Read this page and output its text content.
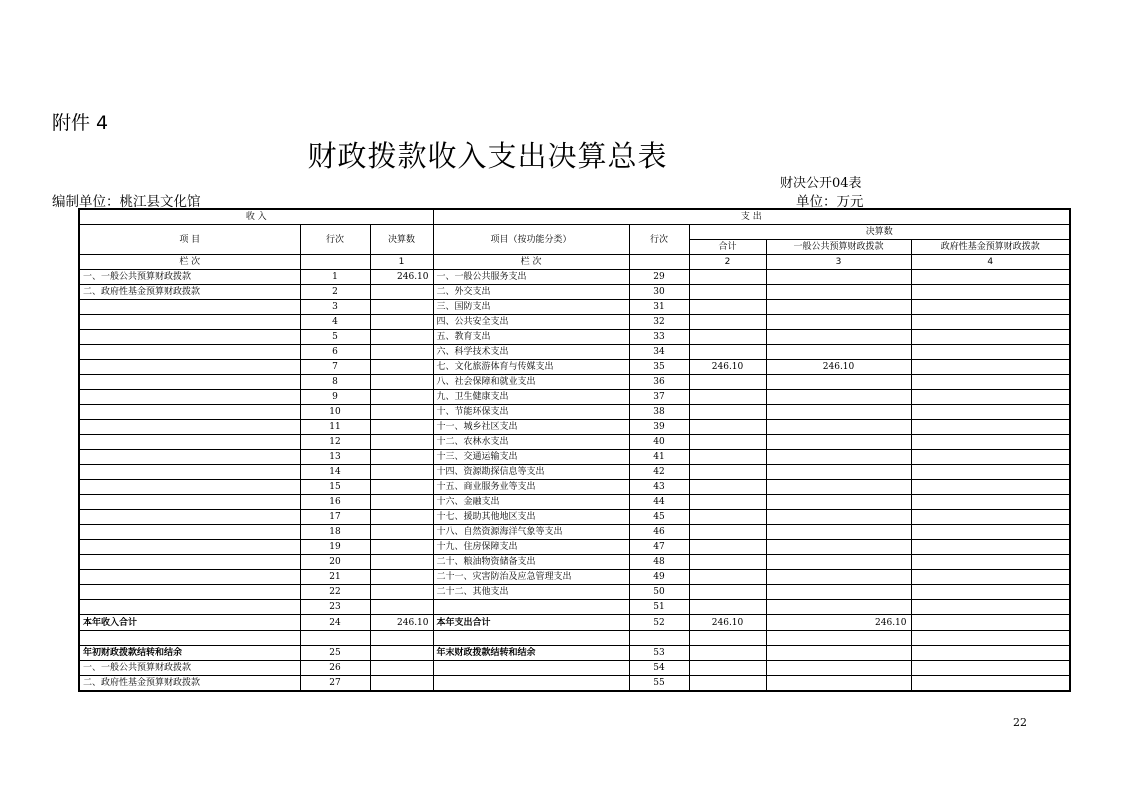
附件 4
财政拨款收入支出决算总表
财决公开04表
编制单位：桃江县文化馆	单位：万元
收 入			支 出				
项 目	行次	决算数	项目（按功能分类）	行次	决算数		
					合计	一般公共预算财政拨款	政府性基金预算财政拨款
栏 次		1	栏 次		2	3	4
一、一般公共预算财政拨款	1	246.10	一、一般公共服务支出	29			
二、政府性基金预算财政拨款	2		二、外交支出	30			
	3		三、国防支出	31			
	4		四、公共安全支出	32			
	5		五、教育支出	33			
	6		六、科学技术支出	34			
	7		七、文化旅游体育与传媒支出	35	246.10	246.10	
	8		八、社会保障和就业支出	36			
	9		九、卫生健康支出	37			
	10		十、节能环保支出	38			
	11		十一、城乡社区支出	39			
	12		十二、农林水支出	40			
	13		十三、交通运输支出	41			
	14		十四、资源勘探信息等支出	42			
	15		十五、商业服务业等支出	43			
	16		十六、金融支出	44			
	17		十七、援助其他地区支出	45			
	18		十八、自然资源海洋气象等支出	46			
	19		十九、住房保障支出	47			
	20		二十、粮油物资储备支出	48			
	21		二十一、灾害防治及应急管理支出	49			
	22		二十二、其他支出	50			
	23			51			
本年收入合计	24	246.10	本年支出合计	52	246.10	246.10	

年初财政拨款结转和结余	25		年末财政拨款结转和结余	53			
一、一般公共预算财政拨款	26			54			
二、政府性基金预算财政拨款	27			55			
22
